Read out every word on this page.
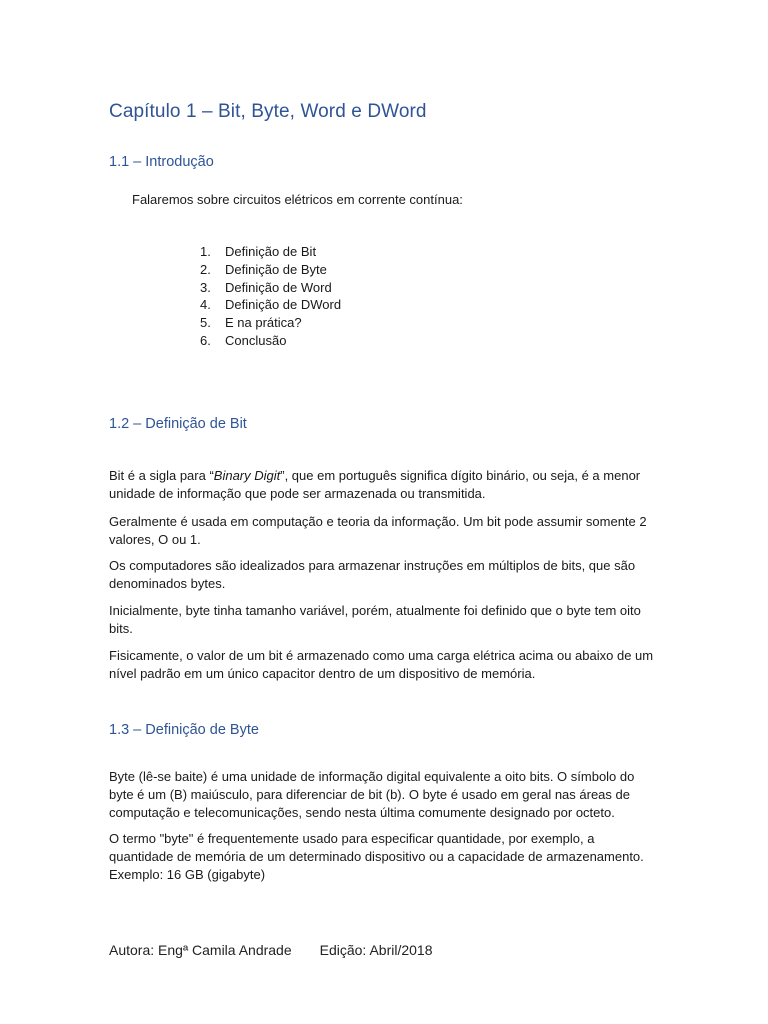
Capítulo 1 – Bit, Byte, Word e DWord
1.1 – Introdução

Falaremos sobre circuitos elétricos em corrente contínua:

1.	Definição de Bit
2.	Definição de Byte
3.	Definição de Word
4.	Definição de DWord
5.	E na prática?
6.	Conclusão
1.2 – Definição de Bit

Bit é a sigla para “Binary Digit”, que em português significa dígito binário, ou seja, é a menor unidade de informação que pode ser armazenada ou transmitida.

Geralmente é usada em computação e teoria da informação. Um bit pode assumir somente 2 valores, O ou 1.

Os computadores são idealizados para armazenar instruções em múltiplos de bits, que são denominados bytes.

Inicialmente, byte tinha tamanho variável, porém, atualmente foi definido que o byte tem oito bits.

Fisicamente, o valor de um bit é armazenado como uma carga elétrica acima ou abaixo de um nível padrão em um único capacitor dentro de um dispositivo de memória.

1.3 – Definição de Byte

Byte (lê-se baite) é uma unidade de informação digital equivalente a oito bits. O símbolo do byte é um (B) maiúsculo, para diferenciar de bit (b). O byte é usado em geral nas áreas de computação e telecomunicações, sendo nesta última comumente designado por octeto.

O termo "byte" é frequentemente usado para especificar quantidade, por exemplo, a quantidade de memória de um determinado dispositivo ou a capacidade de armazenamento. Exemplo: 16 GB (gigabyte)

Autora: Engª Camila Andrade Edição: Abril/2018
